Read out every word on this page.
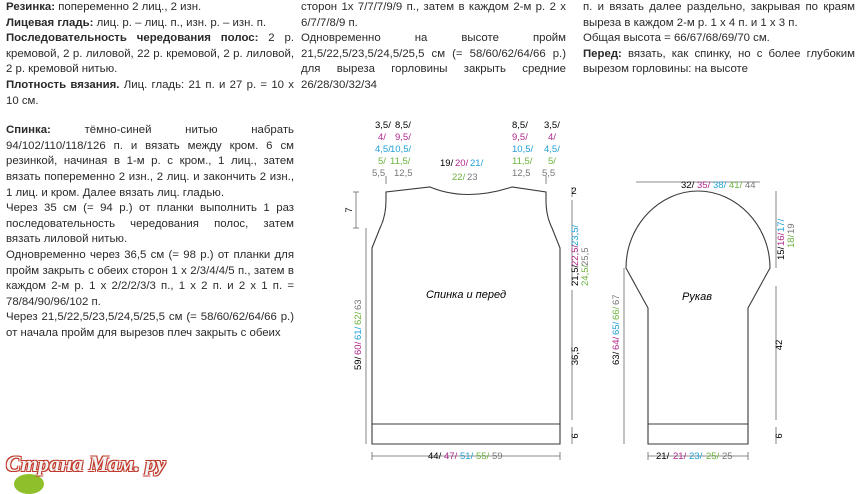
Резинка: попеременно 2 лиц., 2 изн.

Лицевая гладь: лиц. р. – лиц. п., изн. р. – изн. п.

Последовательность чередования полос: 2 р. кремовой, 2 р. лиловой, 22 р. кремовой, 2 р. лиловой, 2 р. кремовой нитью.

Плотность вязания. Лиц. гладь: 21 п. и 27 р. = 10 х 10 см.

Спинка:	тёмно-синей нитью набрать 94/102/110/118/126 п. и вязать между кром. 6 см резинкой, начиная в 1-м р. с кром., 1 лиц., затем вязать попеременно 2 изн., 2 лиц. и закончить 2 изн., 1 лиц. и кром. Далее вязать лиц. гладью.

Через 35 см (= 94 р.) от планки выполнить 1 раз последовательность чередования полос, затем вязать лиловой нитью.

Одновременно через 36,5 см (= 98 р.) от планки для пройм закрыть с обеих сторон 1 х 2/3/4/4/5 п., затем в каждом 2-м р. 1 х 2/2/2/3/3 п., 1 х 2 п. и 2 х 1 п. = 78/84/90/96/102 п.

Через 21,5/22,5/23,5/24,5/25,5 см (= 58/60/62/64/66 р.) от начала пройм для вырезов плеч закрыть с обеих

сторон 1х 7/7/7/9/9 п., затем в каждом 2-м р. 2 х 6/7/7/8/9 п.

Одновременно на высоте пройм 21,5/22,5/23,5/24,5/25,5 см (= 58/60/62/64/66 р.) для выреза горловины закрыть средние 26/28/30/32/34

п. и вязать далее раздельно, закрывая по краям выреза в каждом 2-м р. 1 х 4 п. и 1 х 3 п.

Общая высота = 66/67/68/69/70 см.

Перед: вязать, как спинку, но с более глубоким вырезом горловины: на высоте

Спинка и перед	Рукав
3,5/
4/
4,5/
5/
5,5
8,5/
9,5/
10,5/
11,5/
12,5
19/ 20/ 21/
22/ 23
8,5/
9,5/
10,5/
11,5/
12,5
3,5/
4/
4,5/
5/
5,5
44/ 47/ 51/ 55/ 59
7
59/
60/
61/
62/
63
21,5/
22,5/
23,5/
24,5/
25,5
2
36,5
6
32/ 35/ 38/ 41/ 44
15/
16/
17/
18/
19
63/
64/
65/
66/
67
42
6
21/ 21/ 23/ 25/ 25
Страна Мам. ру
